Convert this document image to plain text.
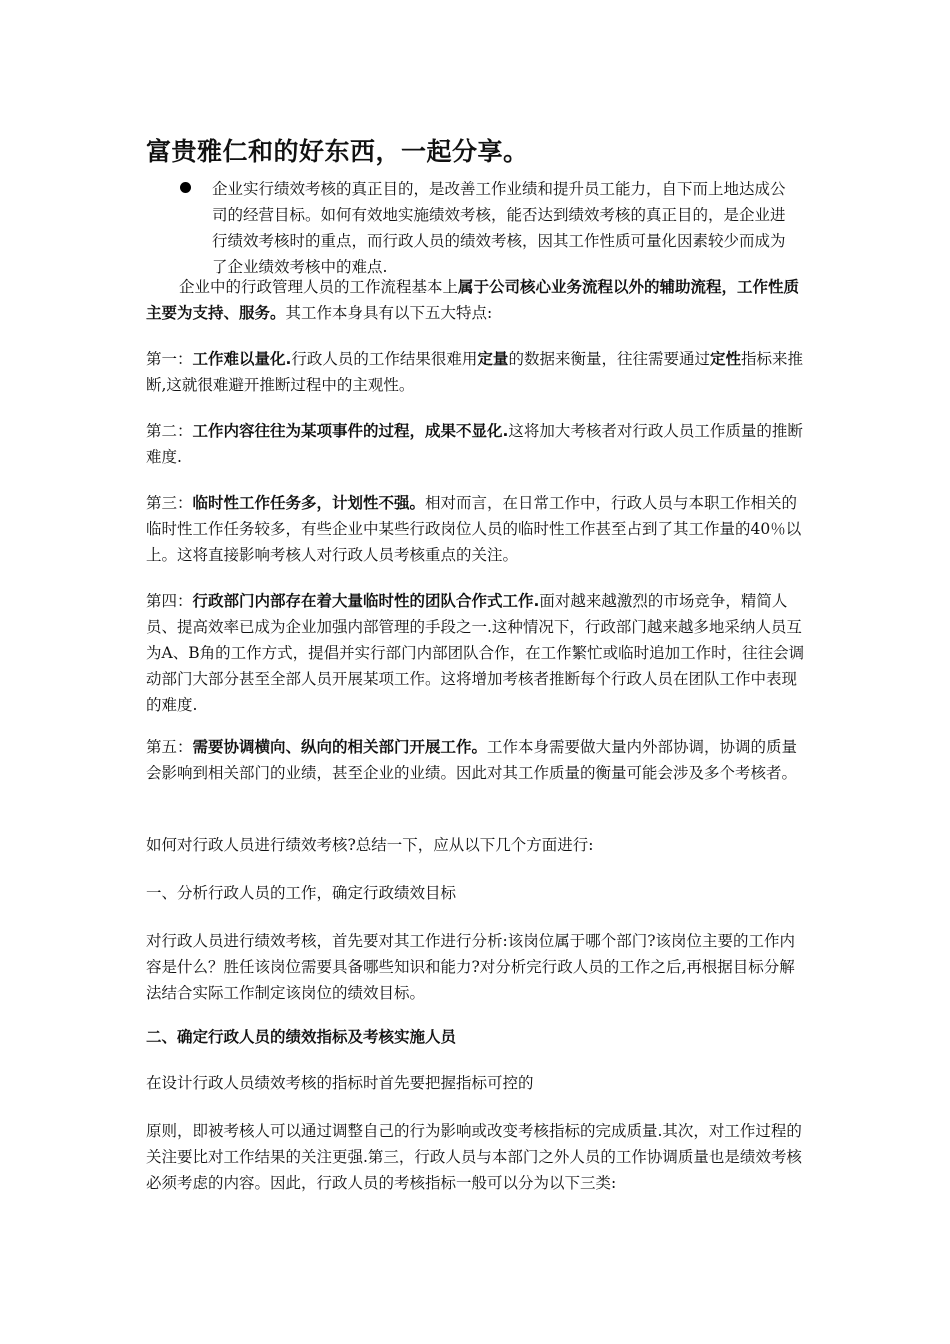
富贵雅仁和的好东西，一起分享。
企业实行绩效考核的真正目的，是改善工作业绩和提升员工能力，自下而上地达成公司的经营目标。如何有效地实施绩效考核，能否达到绩效考核的真正目的，是企业进行绩效考核时的重点，而行政人员的绩效考核，因其工作性质可量化因素较少而成为了企业绩效考核中的难点.

企业中的行政管理人员的工作流程基本上属于公司核心业务流程以外的辅助流程，工作性质主要为支持、服务。其工作本身具有以下五大特点:

第一：工作难以量化.行政人员的工作结果很难用定量的数据来衡量，往往需要通过定性指标来推断,这就很难避开推断过程中的主观性。

第二：工作内容往往为某项事件的过程，成果不显化.这将加大考核者对行政人员工作质量的推断难度.

第三：临时性工作任务多，计划性不强。相对而言，在日常工作中，行政人员与本职工作相关的临时性工作任务较多，有些企业中某些行政岗位人员的临时性工作甚至占到了其工作量的40％以上。这将直接影响考核人对行政人员考核重点的关注。

第四：行政部门内部存在着大量临时性的团队合作式工作.面对越来越激烈的市场竞争，精简人员、提高效率已成为企业加强内部管理的手段之一.这种情况下，行政部门越来越多地采纳人员互为A、B角的工作方式，提倡并实行部门内部团队合作，在工作繁忙或临时追加工作时，往往会调动部门大部分甚至全部人员开展某项工作。这将增加考核者推断每个行政人员在团队工作中表现的难度.

第五：需要协调横向、纵向的相关部门开展工作。工作本身需要做大量内外部协调，协调的质量会影响到相关部门的业绩，甚至企业的业绩。因此对其工作质量的衡量可能会涉及多个考核者。

如何对行政人员进行绩效考核?总结一下，应从以下几个方面进行:

一、分析行政人员的工作，确定行政绩效目标

对行政人员进行绩效考核，首先要对其工作进行分析:该岗位属于哪个部门?该岗位主要的工作内容是什么？胜任该岗位需要具备哪些知识和能力?对分析完行政人员的工作之后,再根据目标分解法结合实际工作制定该岗位的绩效目标。

二、确定行政人员的绩效指标及考核实施人员

在设计行政人员绩效考核的指标时首先要把握指标可控的

原则，即被考核人可以通过调整自己的行为影响或改变考核指标的完成质量.其次，对工作过程的关注要比对工作结果的关注更强.第三，行政人员与本部门之外人员的工作协调质量也是绩效考核必须考虑的内容。因此，行政人员的考核指标一般可以分为以下三类:
